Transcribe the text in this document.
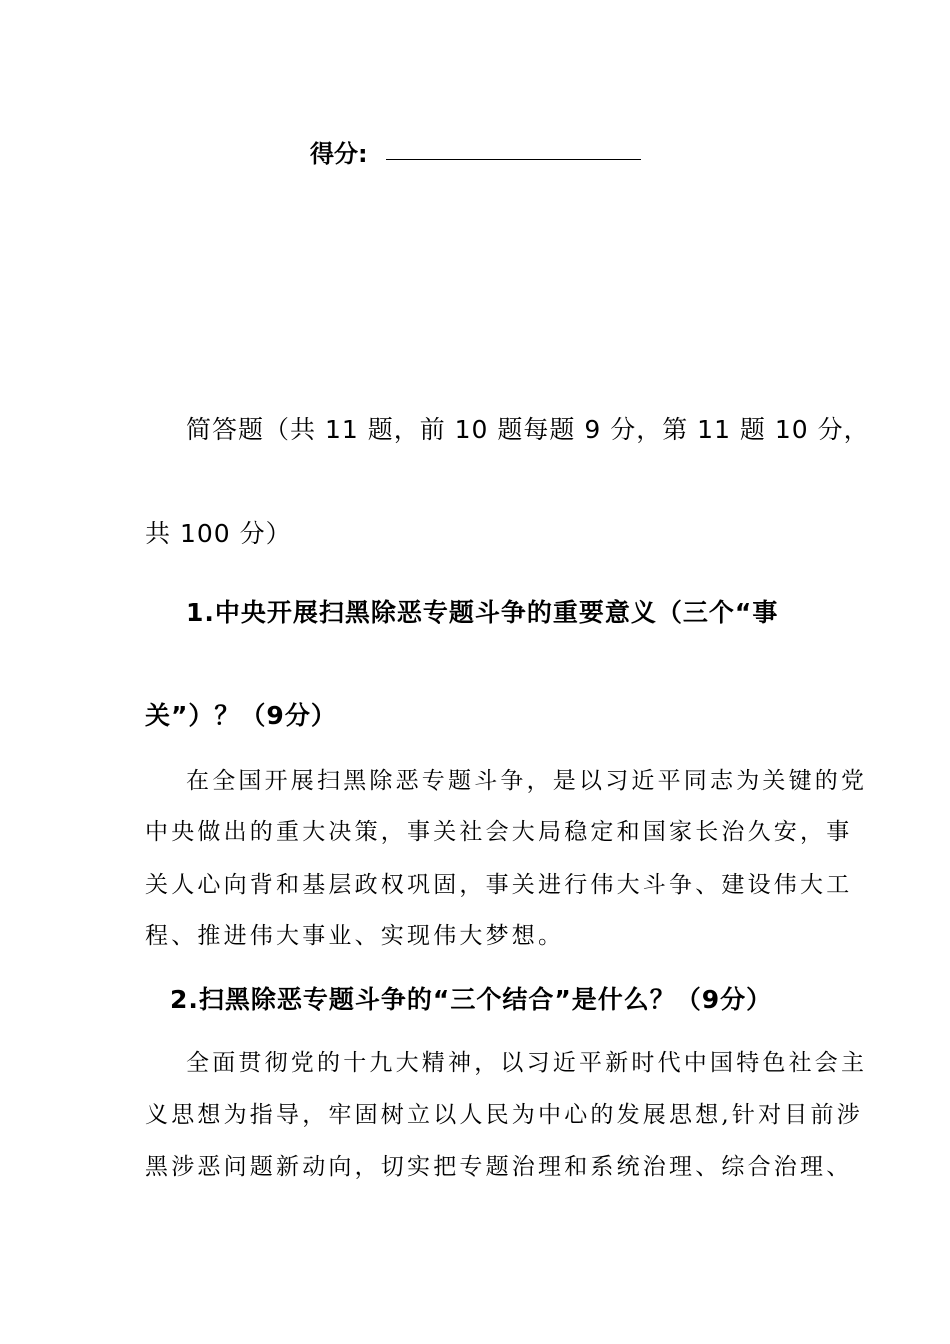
得分:
简答题（共 11 题，前 10 题每题 9 分，第 11 题 10 分，
共 100 分）
1.中央开展扫黑除恶专题斗争的重要意义（三个“事
关”）？（9分）
在全国开展扫黑除恶专题斗争，是以习近平同志为关键的党
中央做出的重大决策，事关社会大局稳定和国家长治久安，事
关人心向背和基层政权巩固，事关进行伟大斗争、建设伟大工
程、推进伟大事业、实现伟大梦想。
2.扫黑除恶专题斗争的“三个结合”是什么？（9分）
全面贯彻党的十九大精神，以习近平新时代中国特色社会主
义思想为指导，牢固树立以人民为中心的发展思想,针对目前涉
黑涉恶问题新动向，切实把专题治理和系统治理、综合治理、
